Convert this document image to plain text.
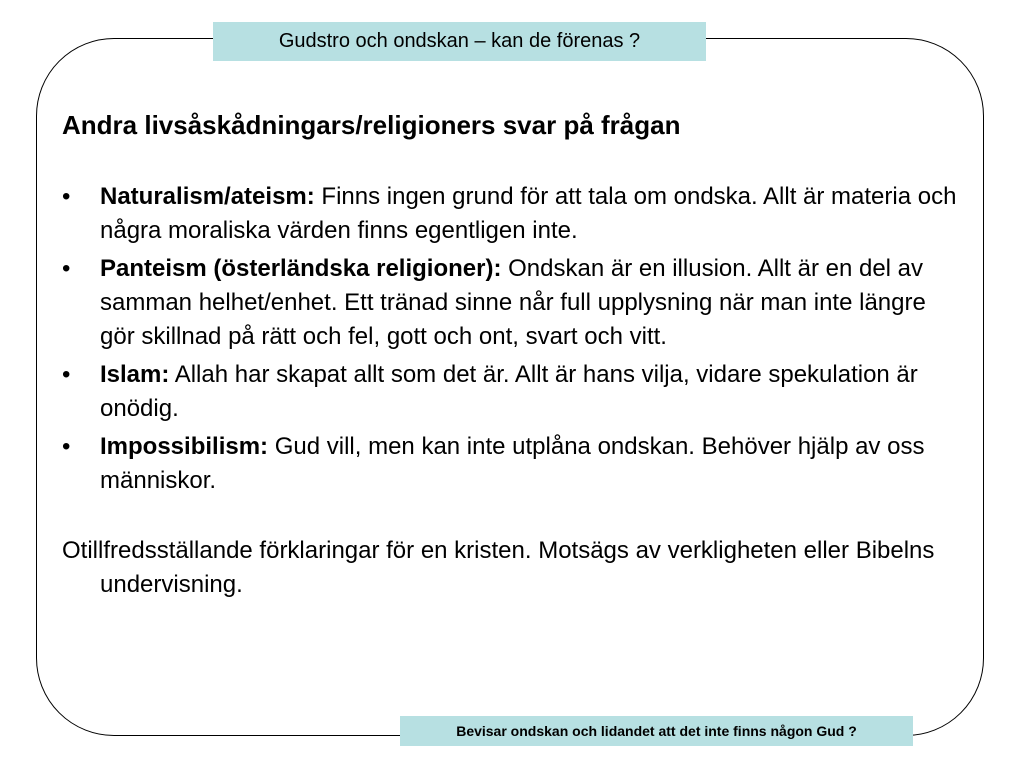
Gudstro och ondskan – kan de förenas ?
Andra livsåskådningars/religioners svar på frågan
• Naturalism/ateism: Finns ingen grund för att tala om ondska. Allt är materia och några moraliska värden finns egentligen inte.
• Panteism (österländska religioner): Ondskan är en illusion. Allt är en del av samman helhet/enhet. Ett tränad sinne når full upplysning när man inte längre gör skillnad på rätt och fel, gott och ont, svart och vitt.
• Islam: Allah har skapat allt som det är. Allt är hans vilja, vidare spekulation är onödig.
• Impossibilism: Gud vill, men kan inte utplåna ondskan. Behöver hjälp av oss människor.
Otillfredsställande förklaringar för en kristen. Motsägs av verkligheten eller Bibelns undervisning.
Bevisar ondskan och lidandet att det inte finns någon Gud ?
